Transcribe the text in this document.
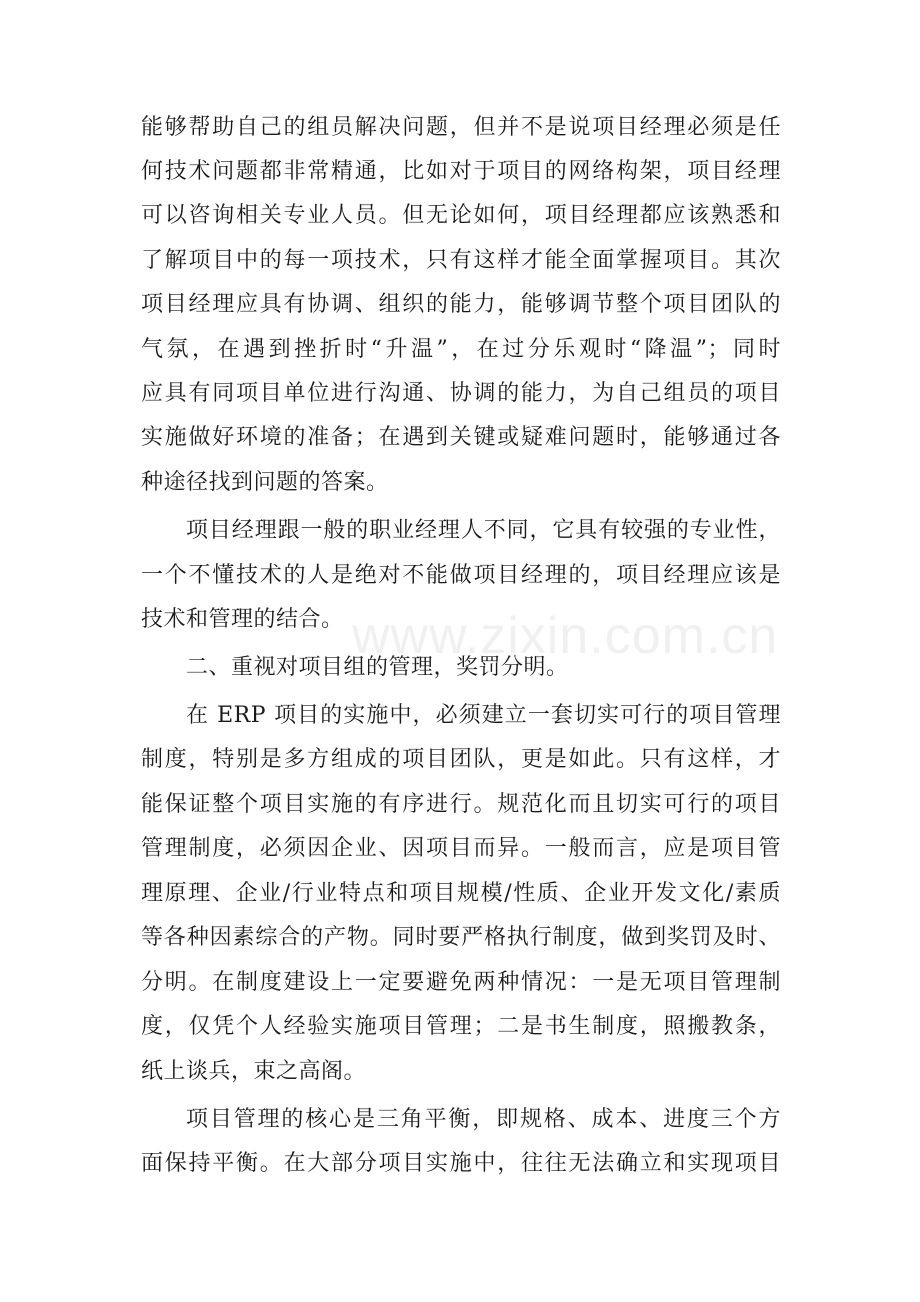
www.zixin.com.cn
能够帮助自己的组员解决问题，但并不是说项目经理必须是任
何技术问题都非常精通，比如对于项目的网络构架，项目经理
可以咨询相关专业人员。但无论如何，项目经理都应该熟悉和
了解项目中的每一项技术，只有这样才能全面掌握项目。其次
项目经理应具有协调、组织的能力，能够调节整个项目团队的
气氛，在遇到挫折时“升温”，在过分乐观时“降温”；同时
应具有同项目单位进行沟通、协调的能力，为自己组员的项目
实施做好环境的准备；在遇到关键或疑难问题时，能够通过各
种途径找到问题的答案。
项目经理跟一般的职业经理人不同，它具有较强的专业性，
一个不懂技术的人是绝对不能做项目经理的，项目经理应该是
技术和管理的结合。
二、重视对项目组的管理，奖罚分明。
在 ERP 项目的实施中，必须建立一套切实可行的项目管理
制度，特别是多方组成的项目团队，更是如此。只有这样，才
能保证整个项目实施的有序进行。规范化而且切实可行的项目
管理制度，必须因企业、因项目而异。一般而言，应是项目管
理原理、企业/行业特点和项目规模/性质、企业开发文化/素质
等各种因素综合的产物。同时要严格执行制度，做到奖罚及时、
分明。在制度建设上一定要避免两种情况：一是无项目管理制
度，仅凭个人经验实施项目管理；二是书生制度，照搬教条，
纸上谈兵，束之高阁。
项目管理的核心是三角平衡，即规格、成本、进度三个方
面保持平衡。在大部分项目实施中，往往无法确立和实现项目
